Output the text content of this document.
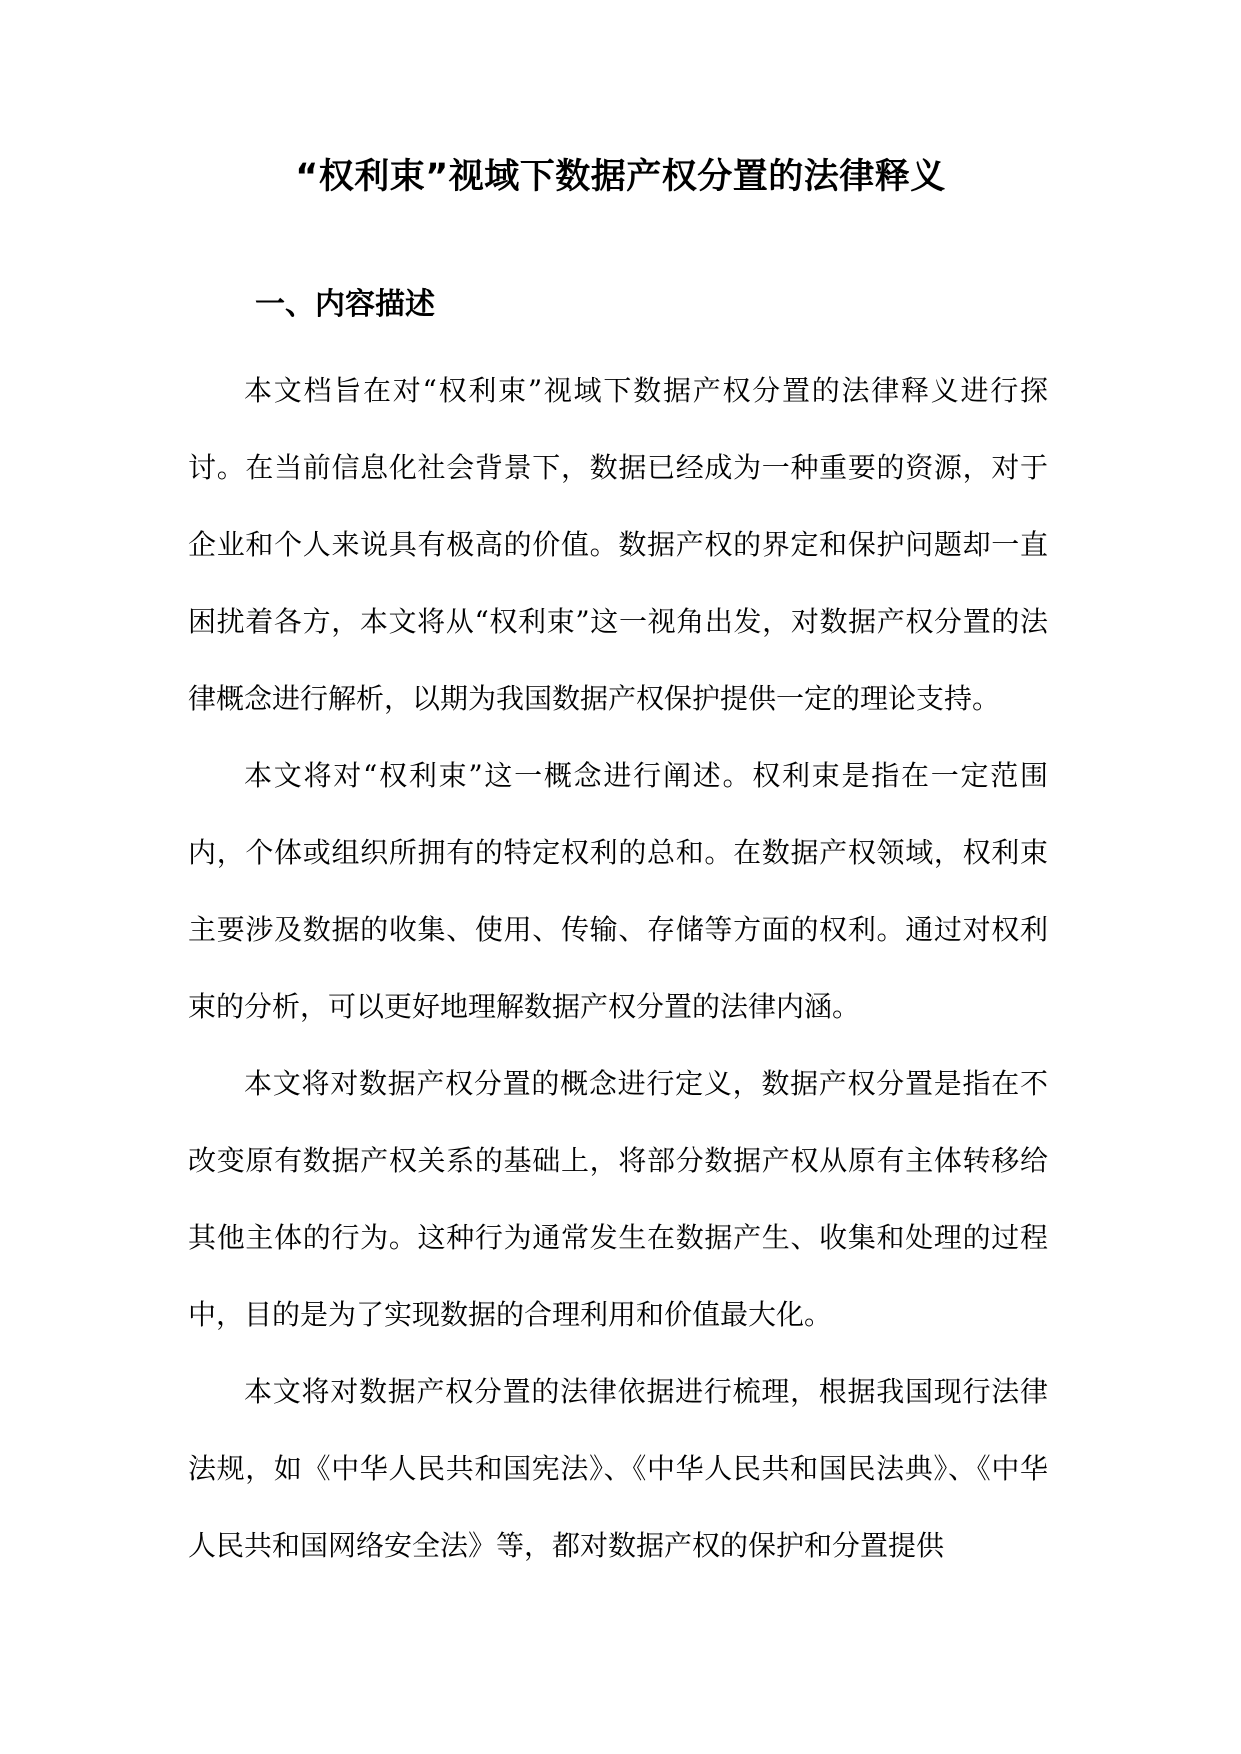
“权利束”视域下数据产权分置的法律释义
一、内容描述

本文档旨在对“权利束”视域下数据产权分置的法律释义进行探讨。在当前信息化社会背景下，数据已经成为一种重要的资源，对于企业和个人来说具有极高的价值。数据产权的界定和保护问题却一直困扰着各方，本文将从“权利束”这一视角出发，对数据产权分置的法律概念进行解析，以期为我国数据产权保护提供一定的理论支持。

本文将对“权利束”这一概念进行阐述。权利束是指在一定范围内，个体或组织所拥有的特定权利的总和。在数据产权领域，权利束主要涉及数据的收集、使用、传输、存储等方面的权利。通过对权利束的分析，可以更好地理解数据产权分置的法律内涵。

本文将对数据产权分置的概念进行定义，数据产权分置是指在不改变原有数据产权关系的基础上，将部分数据产权从原有主体转移给其他主体的行为。这种行为通常发生在数据产生、收集和处理的过程中，目的是为了实现数据的合理利用和价值最大化。

本文将对数据产权分置的法律依据进行梳理，根据我国现行法律法规，如《中华人民共和国宪法》、《中华人民共和国民法典》、《中华人民共和国网络安全法》等，都对数据产权的保护和分置提供
